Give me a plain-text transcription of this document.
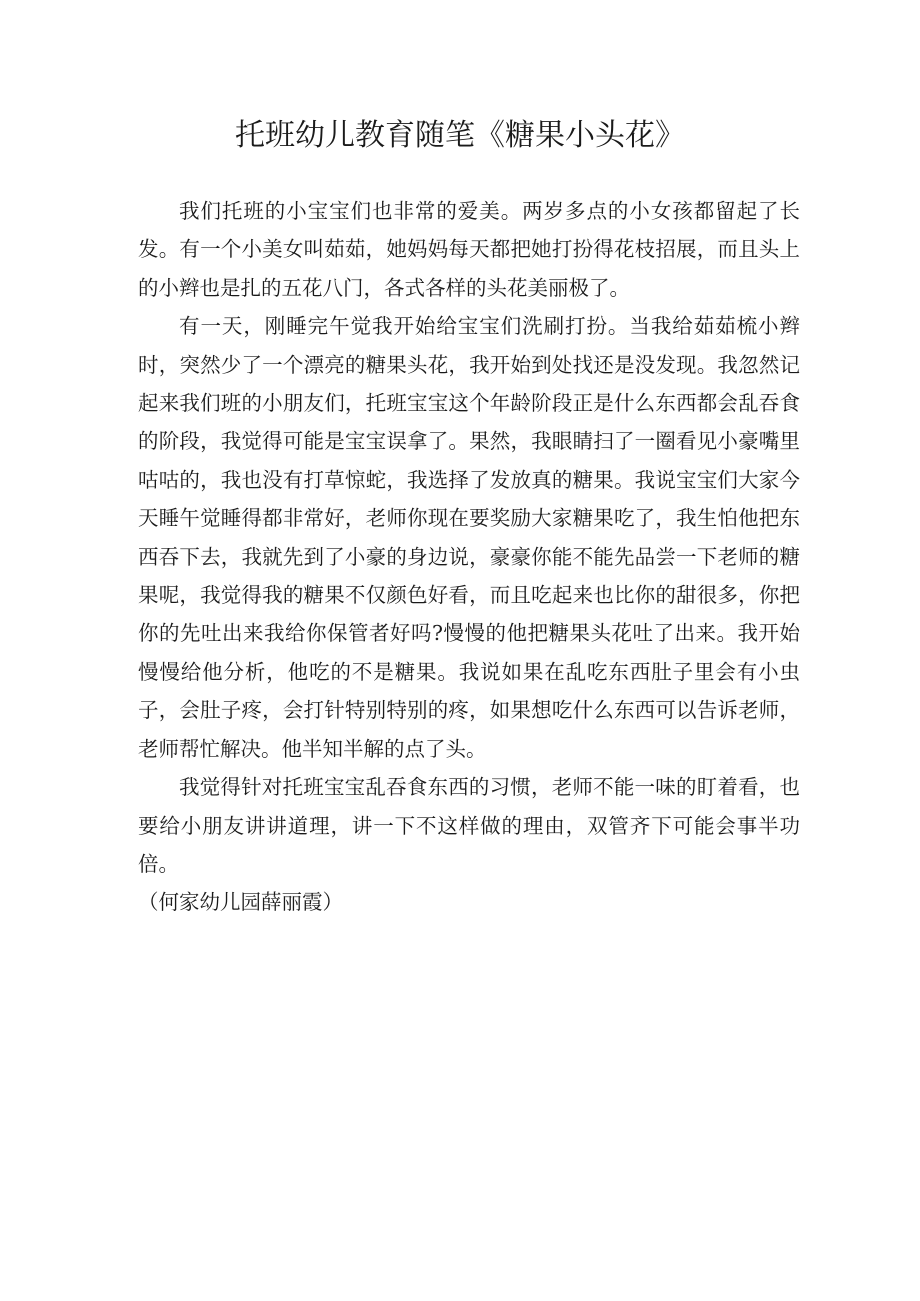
托班幼儿教育随笔《糖果小头花》

我们托班的小宝宝们也非常的爱美。两岁多点的小女孩都留起了长发。有一个小美女叫茹茹，她妈妈每天都把她打扮得花枝招展，而且头上的小辫也是扎的五花八门，各式各样的头花美丽极了。

有一天，刚睡完午觉我开始给宝宝们洗刷打扮。当我给茹茹梳小辫时，突然少了一个漂亮的糖果头花，我开始到处找还是没发现。我忽然记起来我们班的小朋友们，托班宝宝这个年龄阶段正是什么东西都会乱吞食的阶段，我觉得可能是宝宝误拿了。果然，我眼睛扫了一圈看见小豪嘴里咕咕的，我也没有打草惊蛇，我选择了发放真的糖果。我说宝宝们大家今天睡午觉睡得都非常好，老师你现在要奖励大家糖果吃了，我生怕他把东西吞下去，我就先到了小豪的身边说，豪豪你能不能先品尝一下老师的糖果呢，我觉得我的糖果不仅颜色好看，而且吃起来也比你的甜很多，你把你的先吐出来我给你保管者好吗?慢慢的他把糖果头花吐了出来。我开始慢慢给他分析，他吃的不是糖果。我说如果在乱吃东西肚子里会有小虫子，会肚子疼，会打针特别特别的疼，如果想吃什么东西可以告诉老师，老师帮忙解决。他半知半解的点了头。

我觉得针对托班宝宝乱吞食东西的习惯，老师不能一味的盯着看，也要给小朋友讲讲道理，讲一下不这样做的理由，双管齐下可能会事半功倍。

（何家幼儿园薛丽霞）
